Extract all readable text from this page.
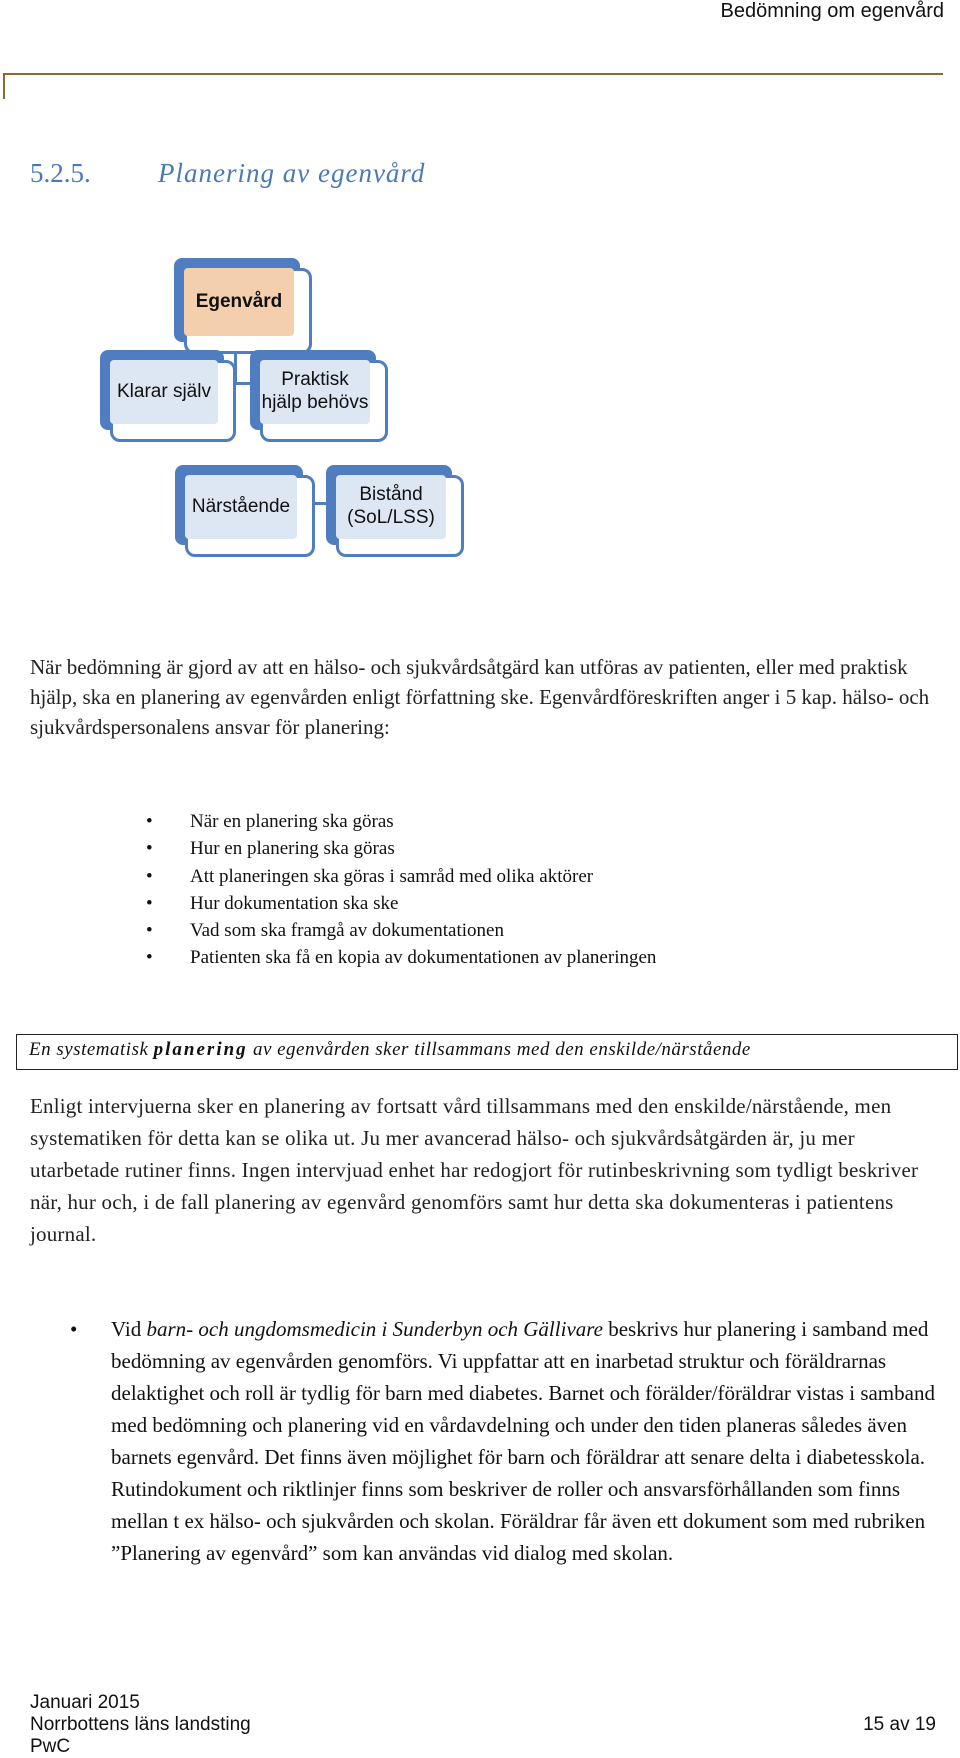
Bedömning om egenvård
5.2.5.	Planering av egenvård
Egenvård
Klarar själv
Praktisk
hjälp behövs
Närstående
Bistånd
(SoL/LSS)
När bedömning är gjord av att en hälso- och sjukvårdsåtgärd kan utföras av patienten, eller med praktisk hjälp, ska en planering av egenvården enligt författning ske. Egenvårdföreskriften anger i 5 kap. hälso- och sjukvårdspersonalens ansvar för planering:
• När en planering ska göras
• Hur en planering ska göras
• Att planeringen ska göras i samråd med olika aktörer
• Hur dokumentation ska ske
• Vad som ska framgå av dokumentationen
• Patienten ska få en kopia av dokumentationen av planeringen
En systematisk planering av egenvården sker tillsammans med den enskilde/närstående
Enligt intervjuerna sker en planering av fortsatt vård tillsammans med den enskilde/närstående, men systematiken för detta kan se olika ut. Ju mer avancerad hälso- och sjukvårdsåtgärden är, ju mer utarbetade rutiner finns. Ingen intervjuad enhet har redogjort för rutinbeskrivning som tydligt beskriver när, hur och, i de fall planering av egenvård genomförs samt hur detta ska dokumenteras i patientens journal.
• Vid barn- och ungdomsmedicin i Sunderbyn och Gällivare beskrivs hur planering i samband med bedömning av egenvården genomförs. Vi uppfattar att en inarbetad struktur och föräldrarnas delaktighet och roll är tydlig för barn med diabetes. Barnet och förälder/föräldrar vistas i samband med bedömning och planering vid en vårdavdelning och under den tiden planeras således även barnets egenvård. Det finns även möjlighet för barn och föräldrar att senare delta i diabetesskola. Rutindokument och riktlinjer finns som beskriver de roller och ansvarsförhållanden som finns mellan t ex hälso- och sjukvården och skolan. Föräldrar får även ett dokument som med rubriken ”Planering av egenvård” som kan användas vid dialog med skolan.
Januari 2015
Norrbottens läns landsting
PwC
15 av 19
